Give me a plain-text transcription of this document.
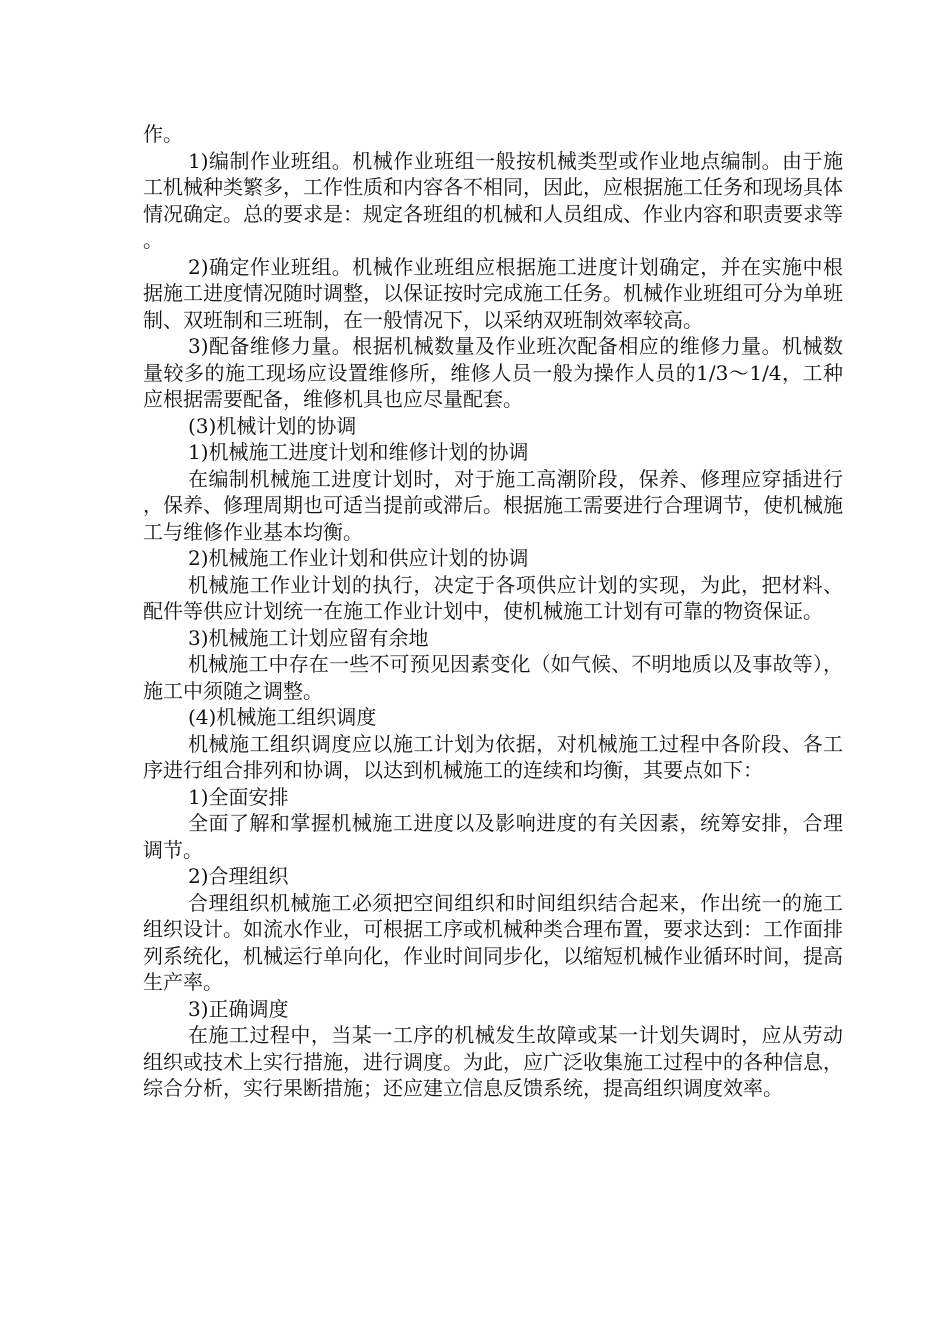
作。

1)编制作业班组。机械作业班组一般按机械类型或作业地点编制。由于施工机械种类繁多，工作性质和内容各不相同，因此，应根据施工任务和现场具体情况确定。总的要求是：规定各班组的机械和人员组成、作业内容和职责要求等。

2)确定作业班组。机械作业班组应根据施工进度计划确定，并在实施中根据施工进度情况随时调整，以保证按时完成施工任务。机械作业班组可分为单班制、双班制和三班制，在一般情况下，以采纳双班制效率较高。

3)配备维修力量。根据机械数量及作业班次配备相应的维修力量。机械数量较多的施工现场应设置维修所，维修人员一般为操作人员的1/3～1/4，工种应根据需要配备，维修机具也应尽量配套。

(3)机械计划的协调

1)机械施工进度计划和维修计划的协调

在编制机械施工进度计划时，对于施工高潮阶段，保养、修理应穿插进行，保养、修理周期也可适当提前或滞后。根据施工需要进行合理调节，使机械施工与维修作业基本均衡。

2)机械施工作业计划和供应计划的协调

机械施工作业计划的执行，决定于各项供应计划的实现，为此，把材料、配件等供应计划统一在施工作业计划中，使机械施工计划有可靠的物资保证。

3)机械施工计划应留有余地

机械施工中存在一些不可预见因素变化（如气候、不明地质以及事故等），施工中须随之调整。

(4)机械施工组织调度

机械施工组织调度应以施工计划为依据，对机械施工过程中各阶段、各工序进行组合排列和协调，以达到机械施工的连续和均衡，其要点如下：

1)全面安排

全面了解和掌握机械施工进度以及影响进度的有关因素，统筹安排，合理调节。

2)合理组织

合理组织机械施工必须把空间组织和时间组织结合起来，作出统一的施工组织设计。如流水作业，可根据工序或机械种类合理布置，要求达到：工作面排列系统化，机械运行单向化，作业时间同步化，以缩短机械作业循环时间，提高生产率。

3)正确调度

在施工过程中，当某一工序的机械发生故障或某一计划失调时，应从劳动组织或技术上实行措施，进行调度。为此，应广泛收集施工过程中的各种信息，综合分析，实行果断措施；还应建立信息反馈系统，提高组织调度效率。
